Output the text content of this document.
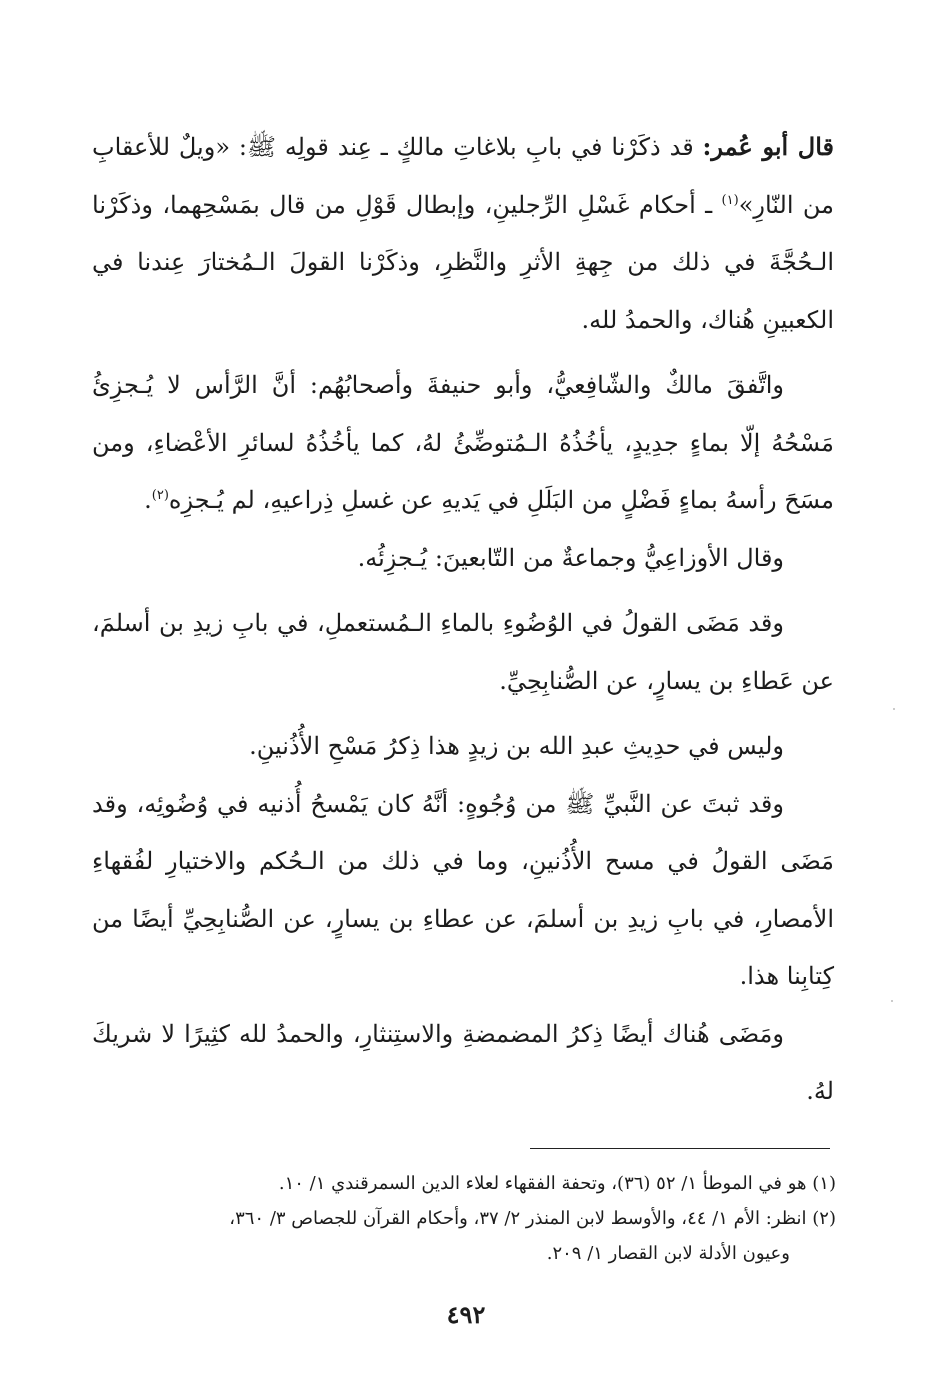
قال أبو عُمر: قد ذكَرْنا في بابِ بلاغاتِ مالكٍ ـ عِند قولِه ﷺ: «ويلٌ للأعقابِ من النّارِ»$^{(١)}$ ـ أحكام غَسْلِ الرِّجلينِ، وإبطال قَوْلِ من قال بمَسْحِهما، وذكَرْنا الـحُجَّةَ في ذلك من جِهةِ الأثرِ والنَّظرِ، وذكَرْنا القولَ الـمُختارَ عِندنا في الكعبينِ هُناك، والحمدُ لله.

واتَّفقَ مالكٌ والشّافِعيُّ، وأبو حنيفةَ وأصحابُهُم: أنَّ الرَّأس لا يُـجزِئُ مَسْحُهُ إلّا بماءٍ جدِيدٍ، يأخُذُهُ الـمُتوضِّئُ لهُ، كما يأخُذُهُ لسائرِ الأعْضاءِ، ومن مسَحَ رأسهُ بماءٍ فَضْلٍ من البَلَلِ في يَديهِ عن غسلِ ذِراعيهِ، لم يُـجزِه$^{(٢)}$.

وقال الأوزاعِيُّ وجماعةٌ من التّابعينَ: يُـجزِئُه.

وقد مَضَى القولُ في الوُضُوءِ بالماءِ الـمُستعملِ، في بابِ زيدِ بن أسلمَ، عن عَطاءِ بن يسارٍ، عن الصُّنابِحِيِّ.

وليس في حدِيثِ عبدِ الله بن زيدٍ هذا ذِكرُ مَسْحِ الأُذُنينِ.

وقد ثبتَ عن النَّبيِّ ﷺ من وُجُوهٍ: أنَّهُ كان يَمْسحُ أُذنيه في وُضُوئِه، وقد مَضَى القولُ في مسح الأُذُنينِ، وما في ذلك من الـحُكم والاختيارِ لفُقهاءِ الأمصارِ، في بابِ زيدِ بن أسلمَ، عن عطاءِ بن يسارٍ، عن الصُّنابِحِيِّ أيضًا من كِتابِنا هذا.

ومَضَى هُناك أيضًا ذِكرُ المضمضةِ والاستِنثارِ، والحمدُ لله كثِيرًا لا شريكَ لهُ.

(١) هو في الموطأ ١/ ٥٢ (٣٦)، وتحفة الفقهاء لعلاء الدين السمرقندي ١/ ١٠.

(٢) انظر: الأم ١/ ٤٤، والأوسط لابن المنذر ٢/ ٣٧، وأحكام القرآن للجصاص ٣/ ٣٦٠،

وعيون الأدلة لابن القصار ١/ ٢٠٩.

٤٩٢
